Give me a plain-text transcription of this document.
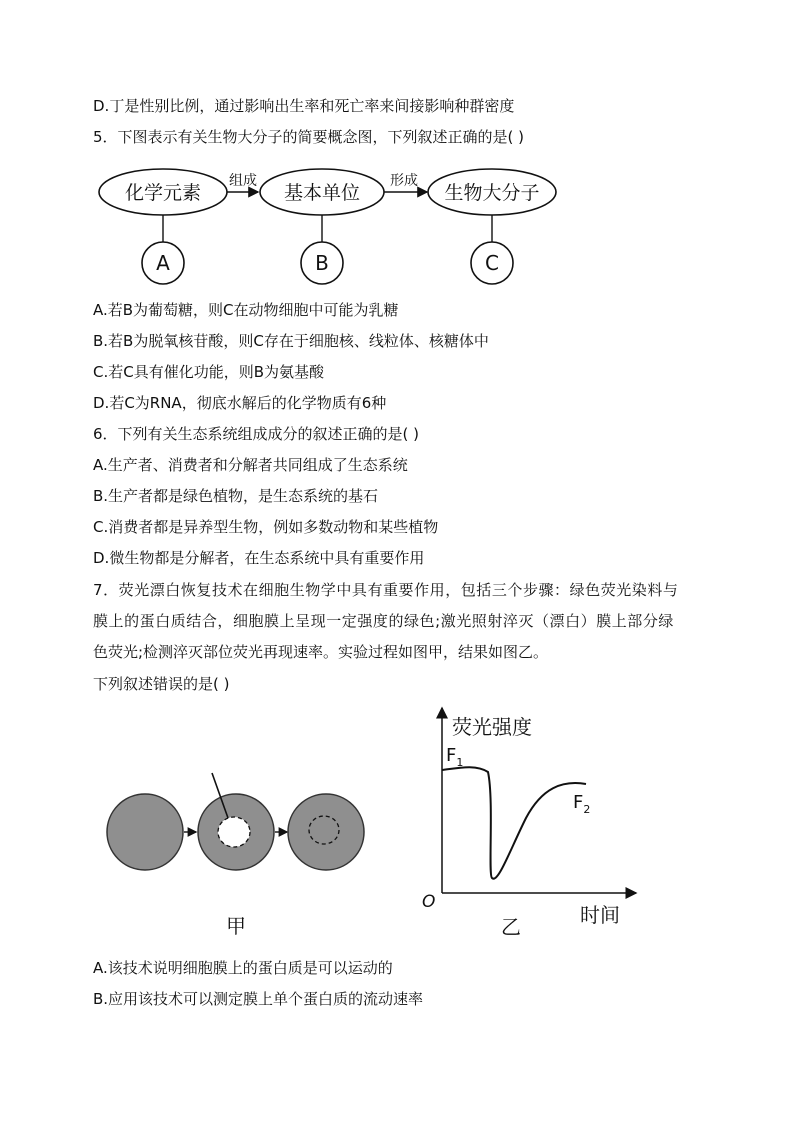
D.丁是性别比例，通过影响出生率和死亡率来间接影响种群密度
5．下图表示有关生物大分子的简要概念图，下列叙述正确的是( )
化学元素	基本单位	生物大分子
组成	形成
A	B	C
A.若B为葡萄糖，则C在动物细胞中可能为乳糖
B.若B为脱氧核苷酸，则C存在于细胞核、线粒体、核糖体中
C.若C具有催化功能，则B为氨基酸
D.若C为RNA，彻底水解后的化学物质有6种
6．下列有关生态系统组成成分的叙述正确的是( )
A.生产者、消费者和分解者共同组成了生态系统
B.生产者都是绿色植物，是生态系统的基石
C.消费者都是异养型生物，例如多数动物和某些植物
D.微生物都是分解者，在生态系统中具有重要作用
7．荧光漂白恢复技术在细胞生物学中具有重要作用，包括三个步骤：绿色荧光染料与
膜上的蛋白质结合，细胞膜上呈现一定强度的绿色;激光照射淬灭（漂白）膜上部分绿
色荧光;检测淬灭部位荧光再现速率。实验过程如图甲，结果如图乙。
下列叙述错误的是( )
甲
荧光强度
O
时间
乙
$F_1$
$F_2$
A.该技术说明细胞膜上的蛋白质是可以运动的
B.应用该技术可以测定膜上单个蛋白质的流动速率
